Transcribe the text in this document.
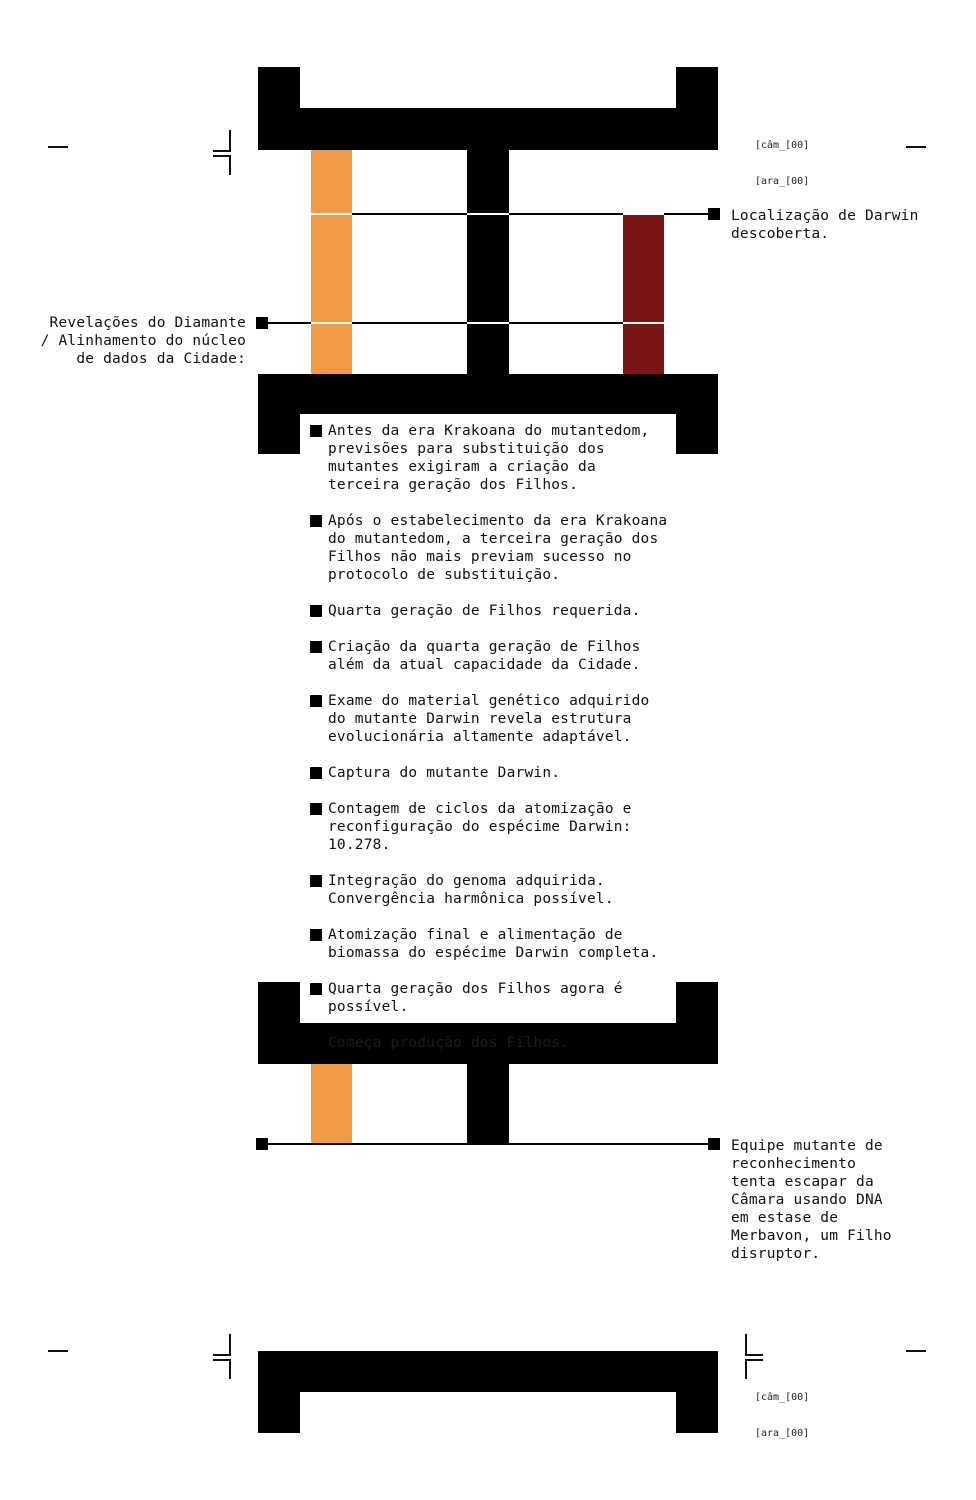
[câm_[00]

[ara_[00]

[câm_[00]

[ara_[00]

Localização de Darwin
descoberta.
Revelações do Diamante
/ Alinhamento do núcleo
de dados da Cidade:
Equipe mutante de
reconhecimento
tenta escapar da
Câmara usando DNA
em estase de
Merbavon, um Filho
disruptor.
Antes da era Krakoana do mutantedom,
previsões para substituição dos
mutantes exigiram a criação da
terceira geração dos Filhos.
Após o estabelecimento da era Krakoana
do mutantedom, a terceira geração dos
Filhos não mais previam sucesso no
protocolo de substituição.
Quarta geração de Filhos requerida.
Criação da quarta geração de Filhos
além da atual capacidade da Cidade.
Exame do material genético adquirido
do mutante Darwin revela estrutura
evolucionária altamente adaptável.
Captura do mutante Darwin.
Contagem de ciclos da atomização e
reconfiguração do espécime Darwin:
10.278.
Integração do genoma adquirida.
Convergência harmônica possível.
Atomização final e alimentação de
biomassa do espécime Darwin completa.
Quarta geração dos Filhos agora é
possível.
Começa produção dos Filhos.
